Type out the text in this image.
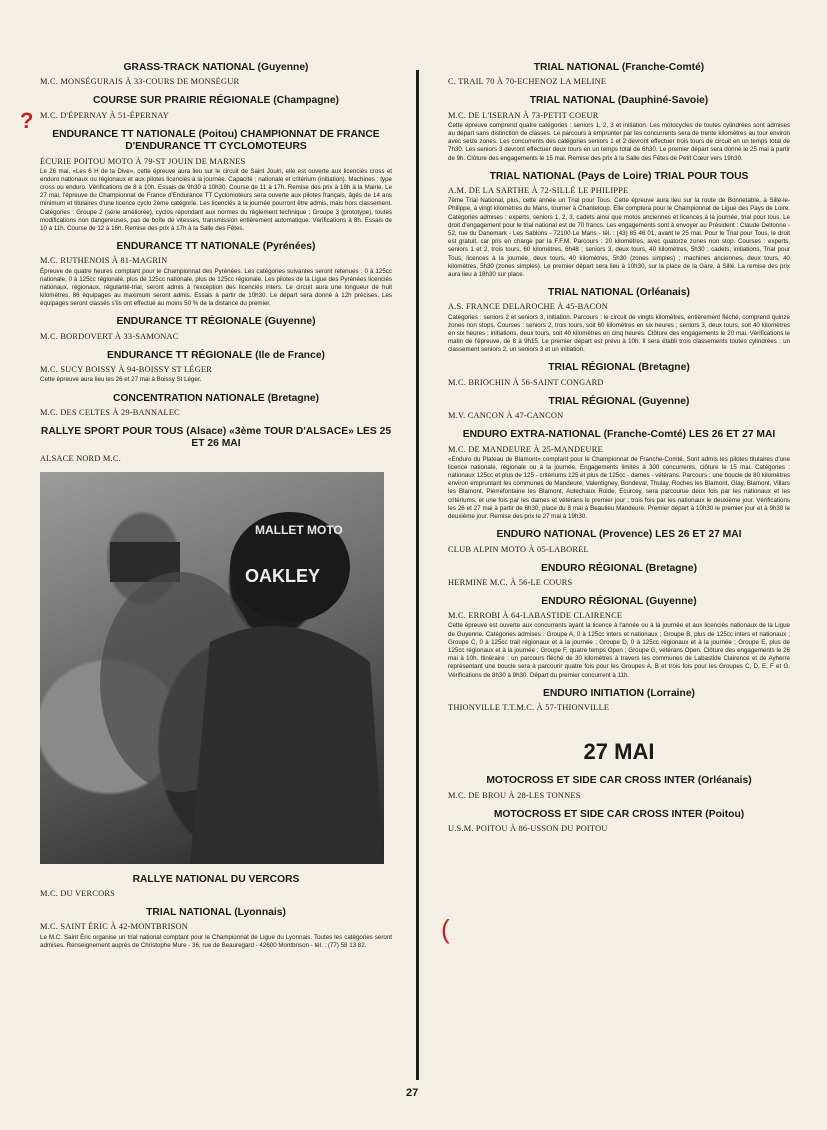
?
(
GRASS-TRACK NATIONAL (Guyenne)
M.C. MONSÉGURAIS À 33-COURS DE MONSÉGUR
COURSE SUR PRAIRIE RÉGIONALE (Champagne)
M.C. D'ÉPERNAY À 51-ÉPERNAY
ENDURANCE TT NATIONALE (Poitou) CHAMPIONNAT DE FRANCE D'ENDURANCE TT CYCLOMOTEURS
ÉCURIE POITOU MOTO À 79-ST JOUIN DE MARNES
Le 26 mai, «Les 6 H de la Dive», cette épreuve aura lieu sur le circuit de Saint Jouin, elle est ouverte aux licenciés cross et enduro nationaux ou régionaux et aux pilotes licenciés à la journée. Capacité : nationale et critérium (initiation). Machines : type cross ou enduro. Vérifications de 8 à 10h. Essais de 9h30 à 10h30. Course de 11 à 17h. Remise des prix à 18h à la Mairie. Le 27 mai, l'épreuve du Championnat de France d'Endurance TT Cyclomoteurs sera ouverte aux pilotes français, âgés de 14 ans minimum et titulaires d'une licence cyclo 2ème catégorie. Les licenciés à la journée pourront être admis, mais hors classement. Catégories : Groupe 2 (série améliorée), cyclos répondant aux normes du règlement technique ; Groupe 3 (prototype), toutes modifications non dangereuses, pas de boîte de vitesses, transmission entièrement automatique. Vérifications à 8h. Essais de 10 à 11h. Course de 12 à 16h. Remise des prix à 17h à la Salle des Fêtes.
ENDURANCE TT NATIONALE (Pyrénées)
M.C. RUTHENOIS À 81-MAGRIN
Épreuve de quatre heures comptant pour le Championnat des Pyrénées. Les catégories suivantes seront retenues : 0 à 125cc nationale, 0 à 125cc régionale, plus de 125cc nationale, plus de 125cc régionale. Les pilotes de la Ligue des Pyrénées licenciés nationaux, régionaux, régularité-trial, seront admis à l'exception des licenciés inters. Le circuit aura une longueur de huit kilomètres. 86 équipages au maximum seront admis. Essais à partir de 10h30. Le départ sera donné à 12h précises. Les équipages seront classés s'ils ont effectué au moins 50 % de la distance du premier.
ENDURANCE TT RÉGIONALE (Guyenne)
M.C. BORDOVERT À 33-SAMONAC
ENDURANCE TT RÉGIONALE (Ile de France)
M.C. SUCY BOISSY À 94-BOISSY ST LÉGER
Cette épreuve aura lieu les 26 et 27 mai à Boissy St Léger.
CONCENTRATION NATIONALE (Bretagne)
M.C. DES CELTES À 29-BANNALEC
RALLYE SPORT POUR TOUS (Alsace) «3ème TOUR D'ALSACE» LES 25 ET 26 MAI
ALSACE NORD M.C.
MALLET MOTO
OAKLEY
RALLYE NATIONAL DU VERCORS
M.C. DU VERCORS
TRIAL NATIONAL (Lyonnais)
M.C. SAINT ÉRIC À 42-MONTBRISON
Le M.C. Saint Éric organise un trial national comptant pour le Championnat de Ligue du Lyonnais. Toutes les catégories seront admises. Renseignement auprès de Christophe Mure - 36, rue de Beauregard - 42600 Montbrison - tél. : (77) 58 13 82.
TRIAL NATIONAL (Franche-Comté)
C. TRAIL 70 À 70-ECHENOZ LA MELINE
TRIAL NATIONAL (Dauphiné-Savoie)
M.C. DE L'ISERAN À 73-PETIT COEUR
Cette épreuve comprend quatre catégories : seniors 1, 2, 3 et initiation. Les motocycles de toutes cylindrées sont admises au départ sans distinction de classes. Le parcours à emprunter par les concurrents sera de trente kilomètres au tour environ avec seize zones. Les concurrents des catégories seniors 1 et 2 devront effectuer trois tours de circuit en un temps total de 7h30. Les seniors 3 devront effectuer deux tours en un temps total de 6h30. Le premier départ sera donné le 25 mai à partir de 9h. Clôture des engagements le 15 mai. Remise des prix à la Salle des Fêtes de Petit Cœur vers 19h30.
TRIAL NATIONAL (Pays de Loire) TRIAL POUR TOUS
A.M. DE LA SARTHE À 72-SILLÉ LE PHILIPPE
7ème Trial National, plus, cette année un Trial pour Tous. Cette épreuve aura lieu sur la route de Bonnetable, à Sillé-le-Philippe, à vingt kilomètres du Mans, tourner à Chanteloup. Elle comptera pour le Championnat de Ligue des Pays de Loire. Catégories admises : experts, seniors 1, 2, 3, cadets ainsi que motos anciennes et licences à la journée, trial pour tous. Le droit d'engagement pour le trial national est de 70 francs. Les engagements sont à envoyer au Président : Claude Deltonne - 52, rue du Danemark - Les Sablons - 72100 Le Mans - tél. : (43) 85 46 01, avant le 25 mai. Pour le Trial pour Tous, le droit est gratuit, car pris en charge par la F.F.M. Parcours : 20 kilomètres, avec quatorze zones non stop. Courses : experts, seniors 1 et 2, trois tours, 60 kilomètres, 6h48 ; seniors 3, deux tours, 40 kilomètres, 5h30 ; cadets, initiations, Trial pour Tous, licences à la journée, deux tours, 40 kilomètres, 5h30 (zones simples) ; machines anciennes, deux tours, 40 kilomètres, 5h30 (zones simples). Le premier départ sera lieu à 10h30, sur la place de la Gare, à Sillé. La remise des prix aura lieu à 18h30 sur place.
TRIAL NATIONAL (Orléanais)
A.S. FRANCE DELAROCHE À 45-BACON
Catégories : seniors 2 et seniors 3, initiation. Parcours : le circuit de vingts kilomètres, entièrement fléché, comprend quinze zones non stops. Courses : seniors 2, trois tours, soit 60 kilomètres en six heures ; seniors 3, deux tours, soit 40 kilomètres en six heures ; initiations, deux tours, soit 40 kilomètres en cinq heures. Clôture des engagements le 20 mai. Vérifications le matin de l'épreuve, de 8 à 9h15. Le premier départ est prévu à 10h. Il sera établi trois classements toutes cylindrées : un classement seniors 2, un seniors 3 et un initiation.
TRIAL RÉGIONAL (Bretagne)
M.C. BRIOCHIN À 56-SAINT CONGARD
TRIAL RÉGIONAL (Guyenne)
M.V. CANCON À 47-CANCON
ENDURO EXTRA-NATIONAL (Franche-Comté) LES 26 ET 27 MAI
M.C. DE MANDEURE À 25-MANDEURE
«Enduro du Plateau de Blamont» comptant pour le Championnat de Franche-Comté. Sont admis les pilotes titulaires d'une licence nationale, régionale ou à la journée. Engagements limités à 300 concurrents, clôture le 15 mai. Catégories : nationaux 125cc et plus de 125 - critériums 125 et plus de 125cc - dames - vétérans. Parcours : une boucle de 80 kilomètres environ empruntant les communes de Mandeure, Valentigney, Bondeval, Thulay, Roches les Blamont, Glay, Blamont, Villars les Blamont, Pierrefontaine les Blamont, Autechaux Roide, Ecurcey, sera parcourue deux fois par les nationaux et les critériums, et une fois par les dames et vétérans le premier jour ; trois fois par les nationaux le deuxième jour. Vérifications les 26 et 27 mai à partir de 6h30, place du 8 mai à Beaulieu Mandeure. Premier départ à 10h30 le premier jour et à 9h30 le deuxième jour. Remise des prix le 27 mai à 19h30.
ENDURO NATIONAL (Provence) LES 26 ET 27 MAI
CLUB ALPIN MOTO À 05-LABOREL
ENDURO RÉGIONAL (Bretagne)
HERMINE M.C. À 56-LE COURS
ENDURO RÉGIONAL (Guyenne)
M.C. ERROBI À 64-LABASTIDE CLAIRENCE
Cette épreuve est ouverte aux concurrents ayant la licence à l'année ou à la journée et aux licenciés nationaux de la Ligue de Guyenne. Catégories admises : Groupe A, 0 à 125cc inters et nationaux ; Groupe B, plus de 125cc inters et nationaux ; Groupe C, 0 à 125cc trail régionaux et à la journée ; Groupe D, 0 à 125cc régionaux et à la journée ; Groupe E, plus de 125cc régionaux et à la journée ; Groupe F, quatre temps Open ; Groupe G, vétérans Open. Clôture des engagements le 26 mai à 10h. Itinéraire : un parcours fléché de 30 kilomètres à travers les communes de Labastide Clairence et de Ayherre représentant une boucle sera à parcourir quatre fois pour les Groupes A, B et trois fois pour les Groupes C, D, E, F et G. Vérifications de 8h30 à 9h30. Départ du premier concurrent à 11h.
ENDURO INITIATION (Lorraine)
THIONVILLE T.T.M.C. À 57-THIONVILLE
27 MAI
MOTOCROSS ET SIDE CAR CROSS INTER (Orléanais)
M.C. DE BROU À 28-LES TONNES
MOTOCROSS ET SIDE CAR CROSS INTER (Poitou)
U.S.M. POITOU À 86-USSON DU POITOU
27
